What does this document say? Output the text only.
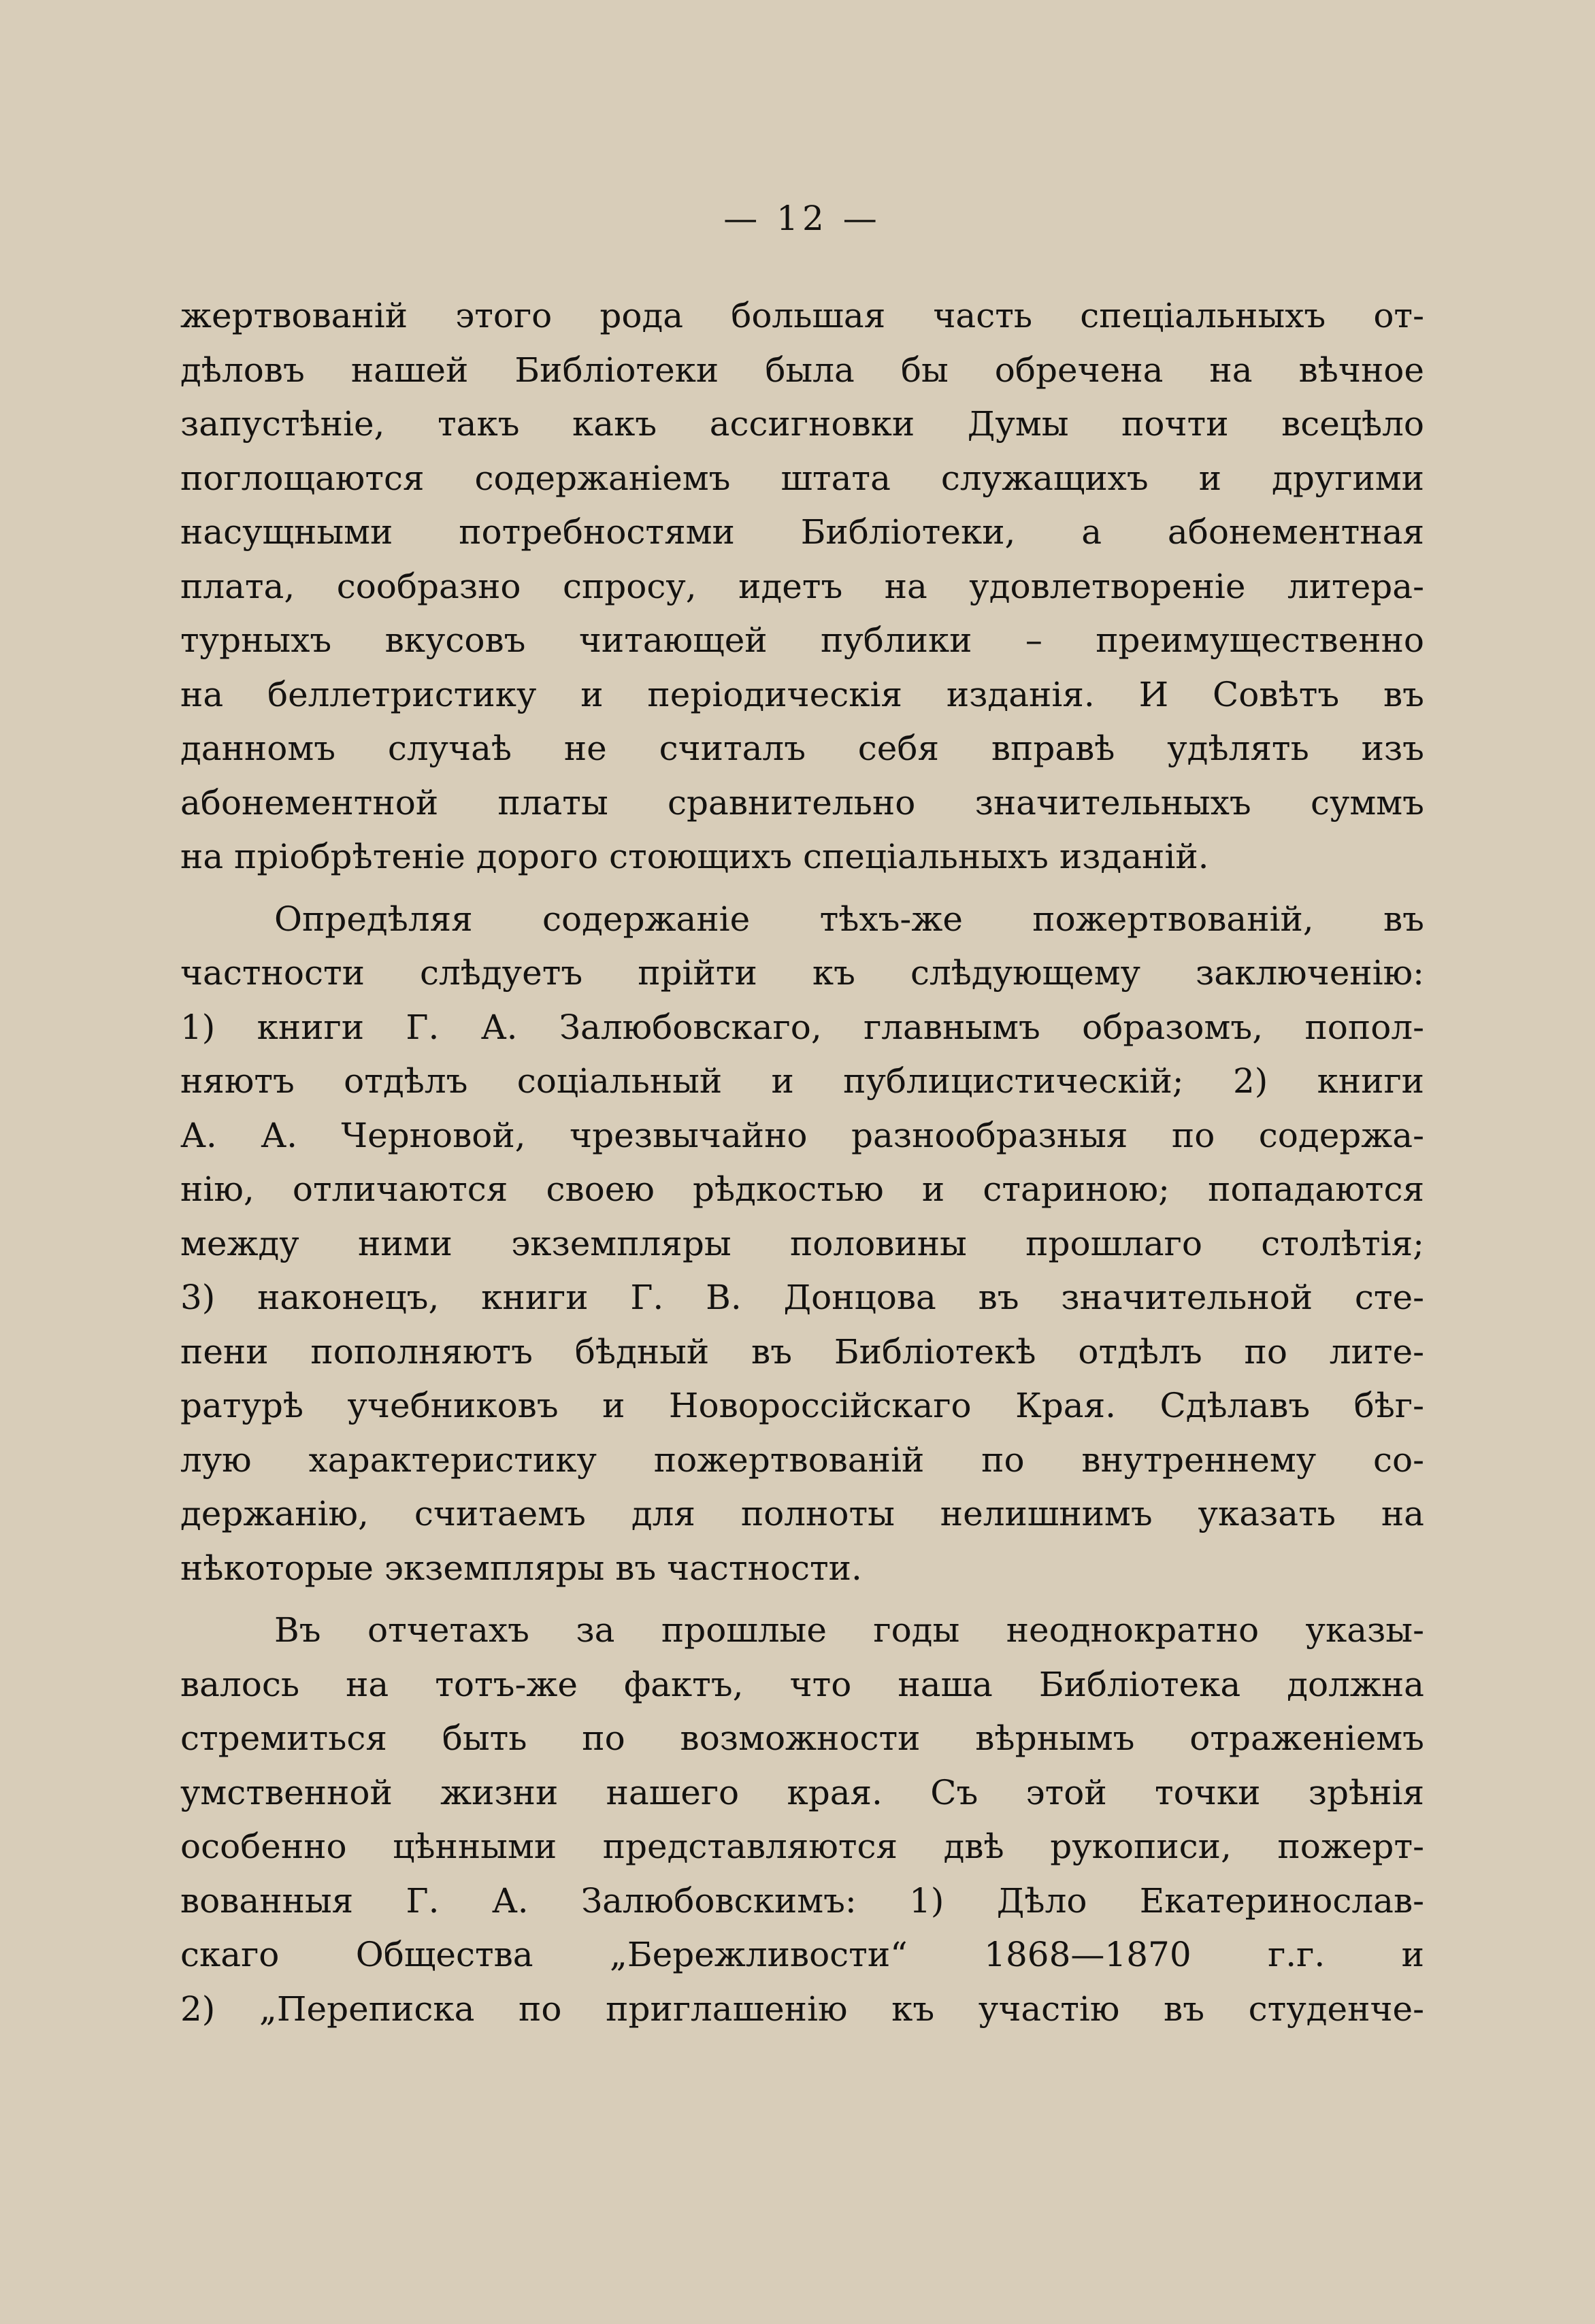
— 12 —
жертвованій этого рода большая часть спеціальныхъ от-
дѣловъ нашей Библіотеки была бы обречена на вѣчное
запустѣніе, такъ какъ ассигновки Думы почти всецѣло
поглощаются содержаніемъ штата служащихъ и другими
насущными потребностями Библіотеки, а абонементная
плата, сообразно спросу, идетъ на удовлетвореніе литера-
турныхъ вкусовъ читающей публики – преимущественно
на беллетристику и періодическія изданія. И Совѣтъ въ
данномъ случаѣ не считалъ себя вправѣ удѣлять изъ
абонементной платы сравнительно значительныхъ суммъ
на пріобрѣтеніе дорого стоющихъ спеціальныхъ изданій.
Опредѣляя содержаніе тѣхъ-же пожертвованій, въ
частности слѣдуетъ прійти къ слѣдующему заключенію:
1) книги Г. А. Залюбовскаго, главнымъ образомъ, попол-
няютъ отдѣлъ соціальный и публицистическій; 2) книги
А. А. Черновой, чрезвычайно разнообразныя по содержа-
нію, отличаются своею рѣдкостью и стариною; попадаются
между ними экземпляры половины прошлаго столѣтія;
3) наконецъ, книги Г. В. Донцова въ значительной сте-
пени пополняютъ бѣдный въ Библіотекѣ отдѣлъ по лите-
ратурѣ учебниковъ и Новороссійскаго Края. Сдѣлавъ бѣг-
лую характеристику пожертвованій по внутреннему со-
держанію, считаемъ для полноты нелишнимъ указать на
нѣкоторые экземпляры въ частности.
Въ отчетахъ за прошлые годы неоднократно указы-
валось на тотъ-же фактъ, что наша Библіотека должна
стремиться быть по возможности вѣрнымъ отраженіемъ
умственной жизни нашего края. Съ этой точки зрѣнія
особенно цѣнными представляются двѣ рукописи, пожерт-
вованныя Г. А. Залюбовскимъ: 1) Дѣло Екатеринослав-
скаго Общества „Бережливости“ 1868—1870 г.г. и
2) „Переписка по приглашенію къ участію въ студенче-
